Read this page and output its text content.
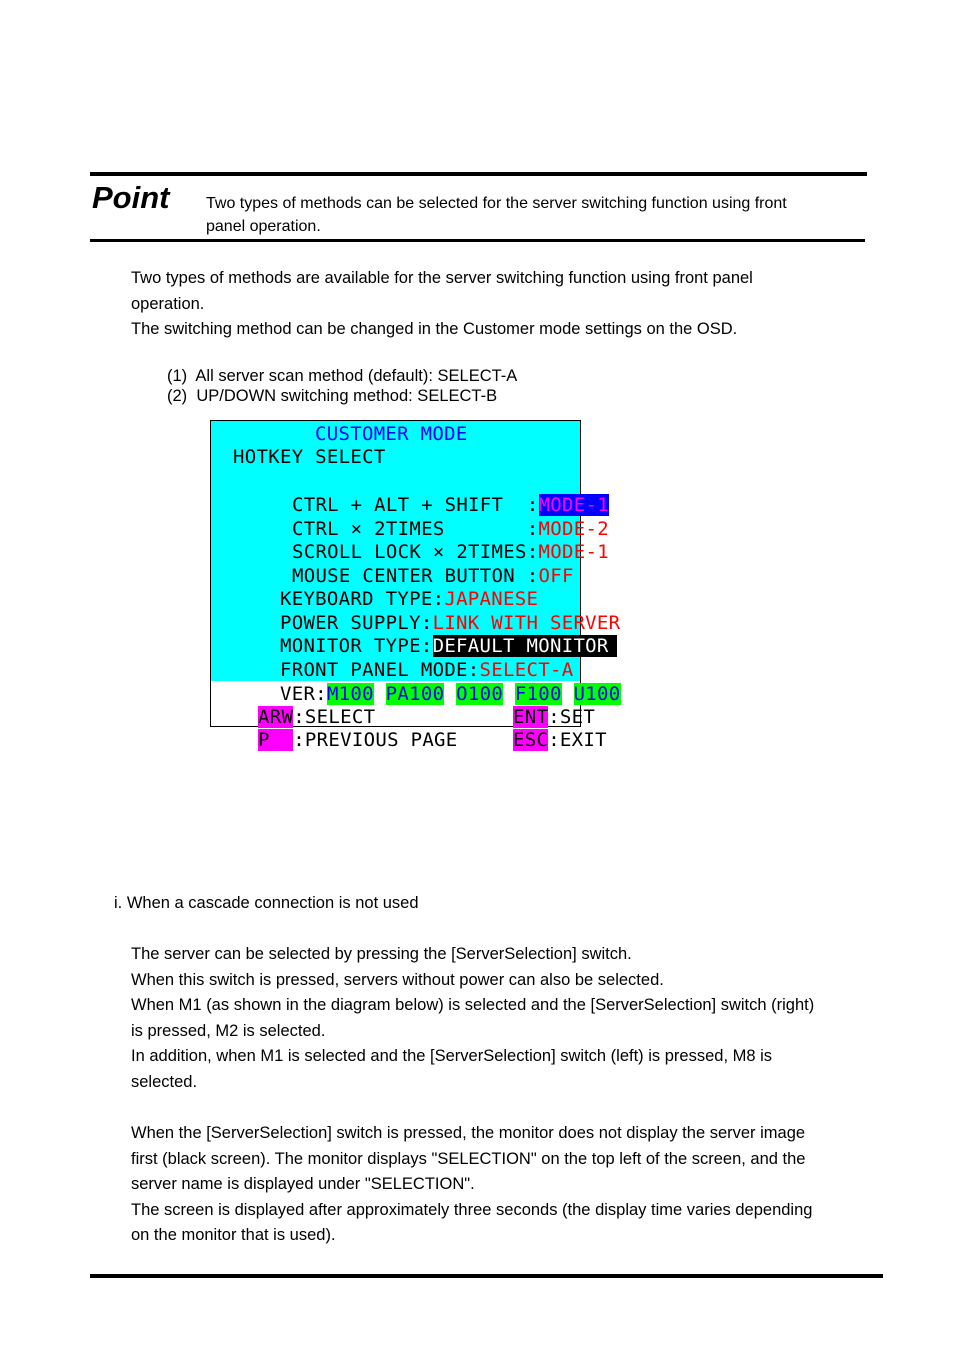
Point Two types of methods can be selected for the server switching function using front
panel operation.
Two types of methods are available for the server switching function using front panel
operation.
The switching method can be changed in the Customer mode settings on the OSD.
(1)  All server scan method (default): SELECT-A
(2)  UP/DOWN switching method: SELECT-B
CUSTOMER MODE
HOTKEY SELECT

CTRL + ALT + SHIFT  :MODE-1

CTRL × 2TIMES       :MODE-2

SCROLL LOCK × 2TIMES:MODE-1

MOUSE CENTER BUTTON :OFF

KEYBOARD TYPE:JAPANESE

POWER SUPPLY:LINK WITH SERVER

MONITOR TYPE:DEFAULT MONITOR

FRONT PANEL MODE:SELECT-A

VER:M100 PA100 O100 F100 U100

ARW:SELECT
	ENT:SET

P  :PREVIOUS PAGE
	ESC:EXIT

i. When a cascade connection is not used
The server can be selected by pressing the [ServerSelection] switch.
When this switch is pressed, servers without power can also be selected.
When M1 (as shown in the diagram below) is selected and the [ServerSelection] switch (right)
is pressed, M2 is selected.
In addition, when M1 is selected and the [ServerSelection] switch (left) is pressed, M8 is
selected.
When the [ServerSelection] switch is pressed, the monitor does not display the server image
first (black screen). The monitor displays "SELECTION" on the top left of the screen, and the
server name is displayed under "SELECTION".
The screen is displayed after approximately three seconds (the display time varies depending
on the monitor that is used).
